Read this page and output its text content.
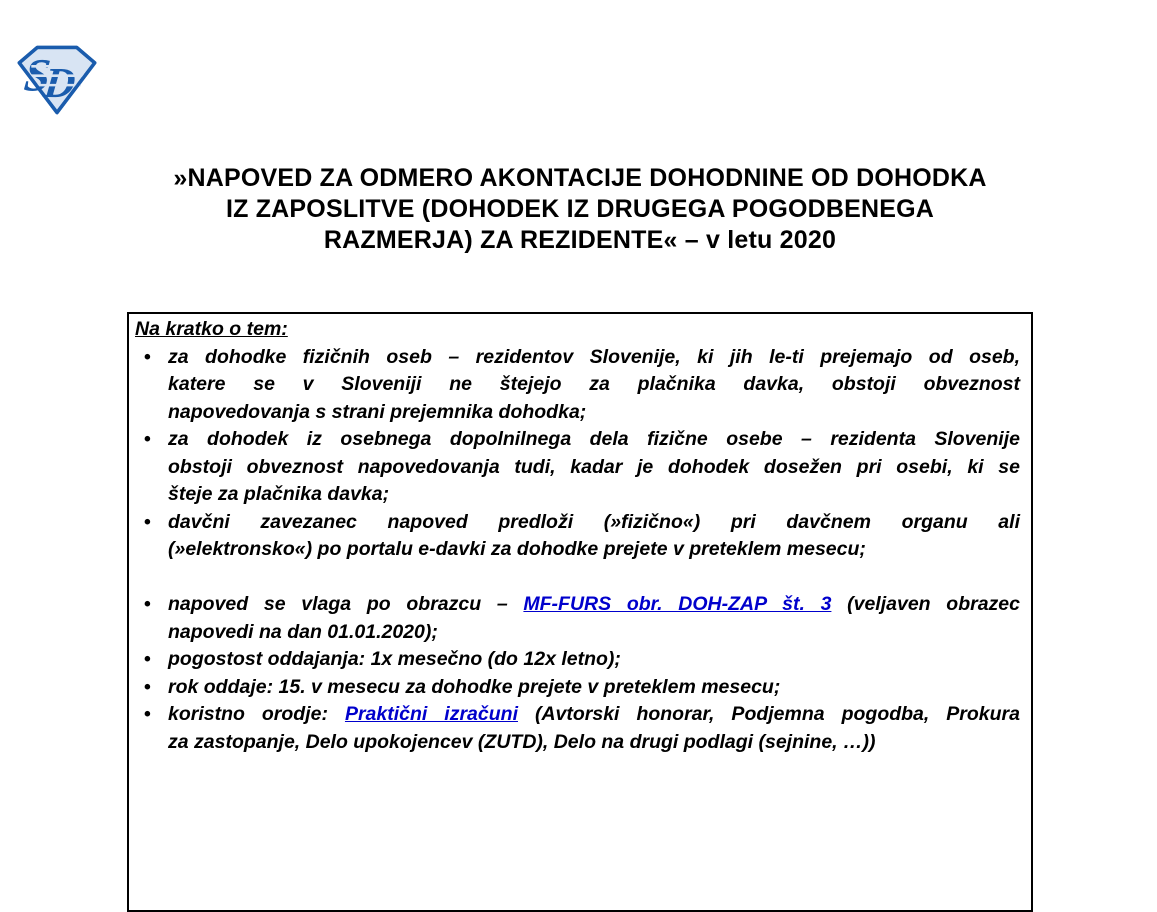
S
D
»NAPOVED ZA ODMERO AKONTACIJE DOHODNINE OD DOHODKA
IZ ZAPOSLITVE (DOHODEK IZ DRUGEGA POGODBENEGA
RAZMERJA) ZA REZIDENTE« – v letu 2020
Na kratko o tem:
• za dohodke fizičnih oseb – rezidentov Slovenije, ki jih le-ti prejemajo od oseb,
katere se v Sloveniji ne štejejo za plačnika davka, obstoji obveznost
napovedovanja s strani prejemnika dohodka;
• za dohodek iz osebnega dopolnilnega dela fizične osebe – rezidenta Slovenije
obstoji obveznost napovedovanja tudi, kadar je dohodek dosežen pri osebi, ki se
šteje za plačnika davka;
• davčni zavezanec napoved predloži (»fizično«) pri davčnem organu ali
(»elektronsko«) po portalu e-davki za dohodke prejete v preteklem mesecu;
• napoved se vlaga po obrazcu – MF-FURS obr. DOH-ZAP št. 3 (veljaven obrazec
napovedi na dan 01.01.2020);
• pogostost oddajanja: 1x mesečno (do 12x letno);
• rok oddaje: 15. v mesecu za dohodke prejete v preteklem mesecu;
• koristno orodje: Praktični izračuni (Avtorski honorar, Podjemna pogodba, Prokura
za zastopanje, Delo upokojencev (ZUTD), Delo na drugi podlagi (sejnine, …))
